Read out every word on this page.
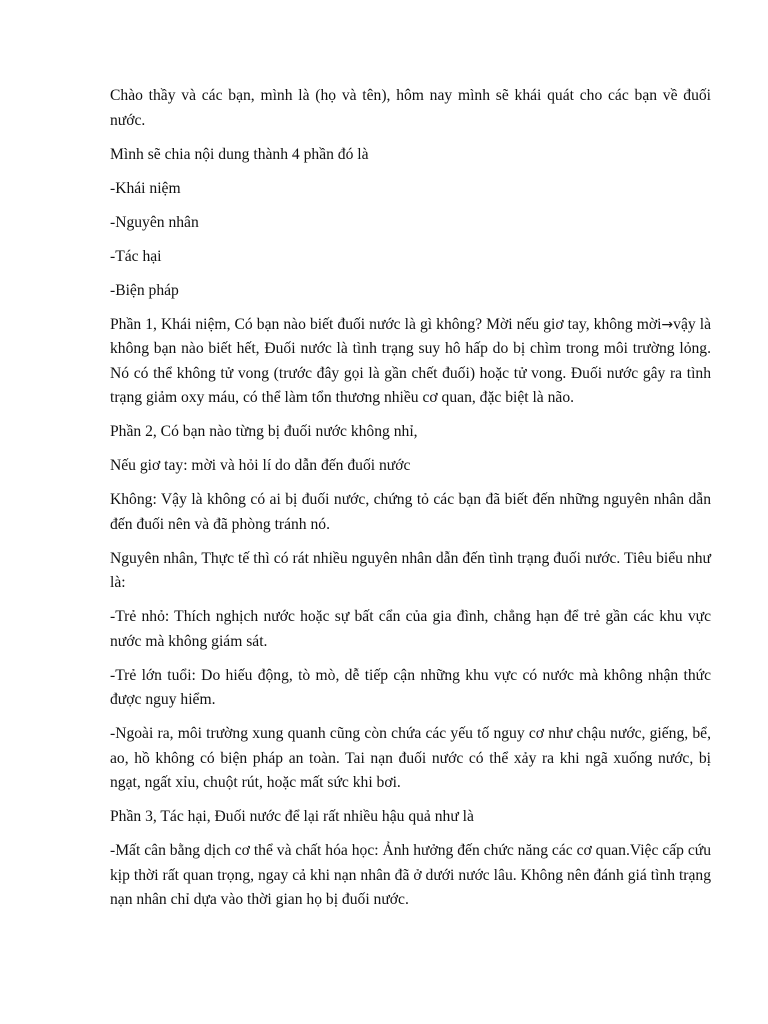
Chào thầy và các bạn, mình là (họ và tên), hôm nay mình sẽ khái quát cho các bạn về đuối nước.

Mình sẽ chia nội dung thành 4 phần đó là

-Khái niệm

-Nguyên nhân

-Tác hại

-Biện pháp

Phần 1, Khái niệm, Có bạn nào biết đuối nước là gì không? Mời nếu giơ tay, không mời→vậy là không bạn nào biết hết, Đuối nước là tình trạng suy hô hấp do bị chìm trong môi trường lỏng. Nó có thể không tử vong (trước đây gọi là gần chết đuối) hoặc tử vong. Đuối nước gây ra tình trạng giảm oxy máu, có thể làm tổn thương nhiều cơ quan, đặc biệt là não.

Phần 2, Có bạn nào từng bị đuối nước không nhỉ,

Nếu giơ tay: mời và hỏi lí do dẫn đến đuối nước

Không: Vậy là không có ai bị đuối nước, chứng tỏ các bạn đã biết đến những nguyên nhân dẫn đến đuối nên và đã phòng tránh nó.

Nguyên nhân, Thực tế thì có rát nhiều nguyên nhân dẫn đến tình trạng đuối nước. Tiêu biểu như là:

-Trẻ nhỏ: Thích nghịch nước hoặc sự bất cẩn của gia đình, chẳng hạn để trẻ gần các khu vực nước mà không giám sát.

-Trẻ lớn tuổi: Do hiếu động, tò mò, dễ tiếp cận những khu vực có nước mà không nhận thức được nguy hiểm.

-Ngoài ra, môi trường xung quanh cũng còn chứa các yếu tố nguy cơ như chậu nước, giếng, bể, ao, hồ không có biện pháp an toàn. Tai nạn đuối nước có thể xảy ra khi ngã xuống nước, bị ngạt, ngất xỉu, chuột rút, hoặc mất sức khi bơi.

Phần 3, Tác hại, Đuối nước để lại rất nhiều hậu quả như là

-Mất cân bằng dịch cơ thể và chất hóa học: Ảnh hưởng đến chức năng các cơ quan.Việc cấp cứu kịp thời rất quan trọng, ngay cả khi nạn nhân đã ở dưới nước lâu. Không nên đánh giá tình trạng nạn nhân chỉ dựa vào thời gian họ bị đuối nước.
